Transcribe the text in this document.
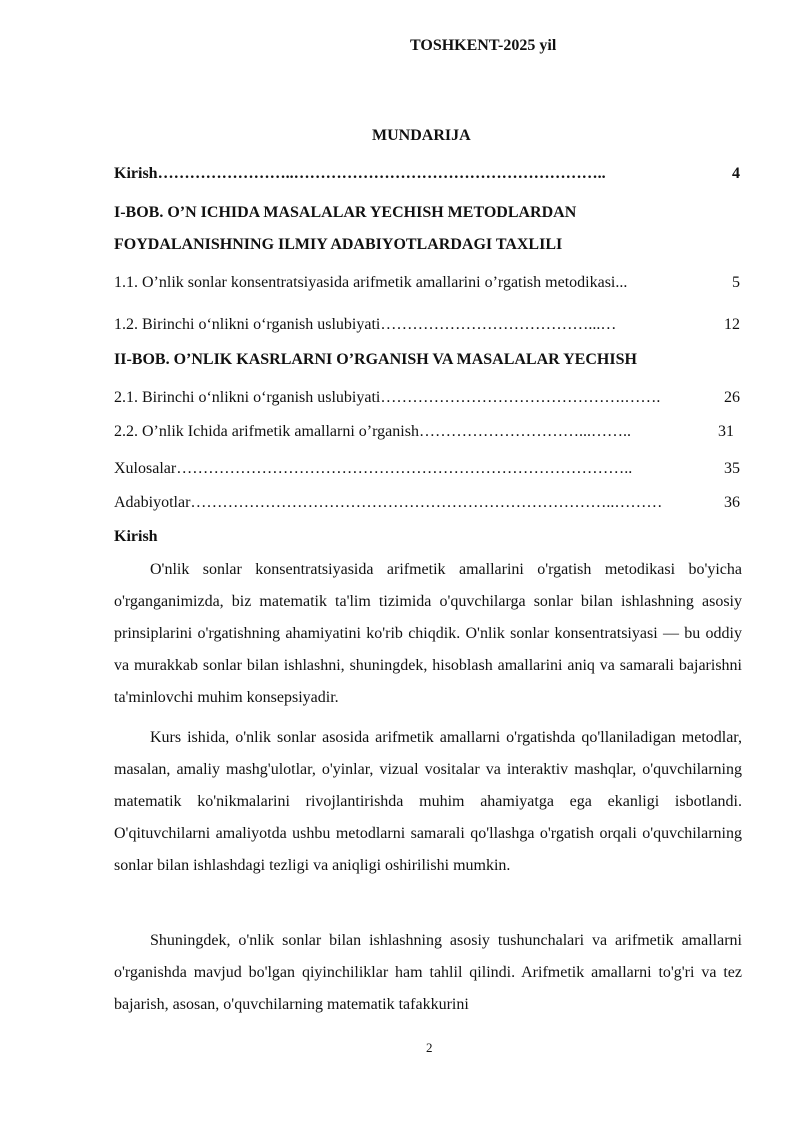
TOSHKENT-2025 yil
MUNDARIJA
Kirish ……………………..…………………………………………………..	4
I-BOB. O’N ICHIDA MASALALAR YECHISH METODLARDAN
FOYDALANISHNING ILMIY ADABIYOTLARDAGI TAXLILI
1.1. O’nlik sonlar konsentratsiyasida arifmetik amallarini o’rgatish metodikasi ...	5
1.2. Birinchi o‘nlikni o‘rganish uslubiyati …………………………………...…	12
II-BOB. O’NLIK KASRLARNI O’RGANISH VA MASALALAR YECHISH
2.1. Birinchi o‘nlikni o‘rganish uslubiyati ……………………………………….…….	26
2.2. O’nlik Ichida arifmetik amallarni o’rganish …………………………...……..	31
Xulosalar …………………………………………………………………………..	35
Adabiyotlar ……………………………………………………………………..………	36
Kirish

O'nlik sonlar konsentratsiyasida arifmetik amallarini o'rgatish metodikasi bo'yicha o'rganganimizda, biz matematik ta'lim tizimida o'quvchilarga sonlar bilan ishlashning asosiy prinsiplarini o'rgatishning ahamiyatini ko'rib chiqdik. O'nlik sonlar konsentratsiyasi — bu oddiy va murakkab sonlar bilan ishlashni, shuningdek, hisoblash amallarini aniq va samarali bajarishni ta'minlovchi muhim konsepsiyadir.

Kurs ishida, o'nlik sonlar asosida arifmetik amallarni o'rgatishda qo'llaniladigan metodlar, masalan, amaliy mashg'ulotlar, o'yinlar, vizual vositalar va interaktiv mashqlar, o'quvchilarning matematik ko'nikmalarini rivojlantirishda muhim ahamiyatga ega ekanligi isbotlandi. O'qituvchilarni amaliyotda ushbu metodlarni samarali qo'llashga o'rgatish orqali o'quvchilarning sonlar bilan ishlashdagi tezligi va aniqligi oshirilishi mumkin.

Shuningdek, o'nlik sonlar bilan ishlashning asosiy tushunchalari va arifmetik amallarni o'rganishda mavjud bo'lgan qiyinchiliklar ham tahlil qilindi. Arifmetik amallarni to'g'ri va tez bajarish, asosan, o'quvchilarning matematik tafakkurini

2
